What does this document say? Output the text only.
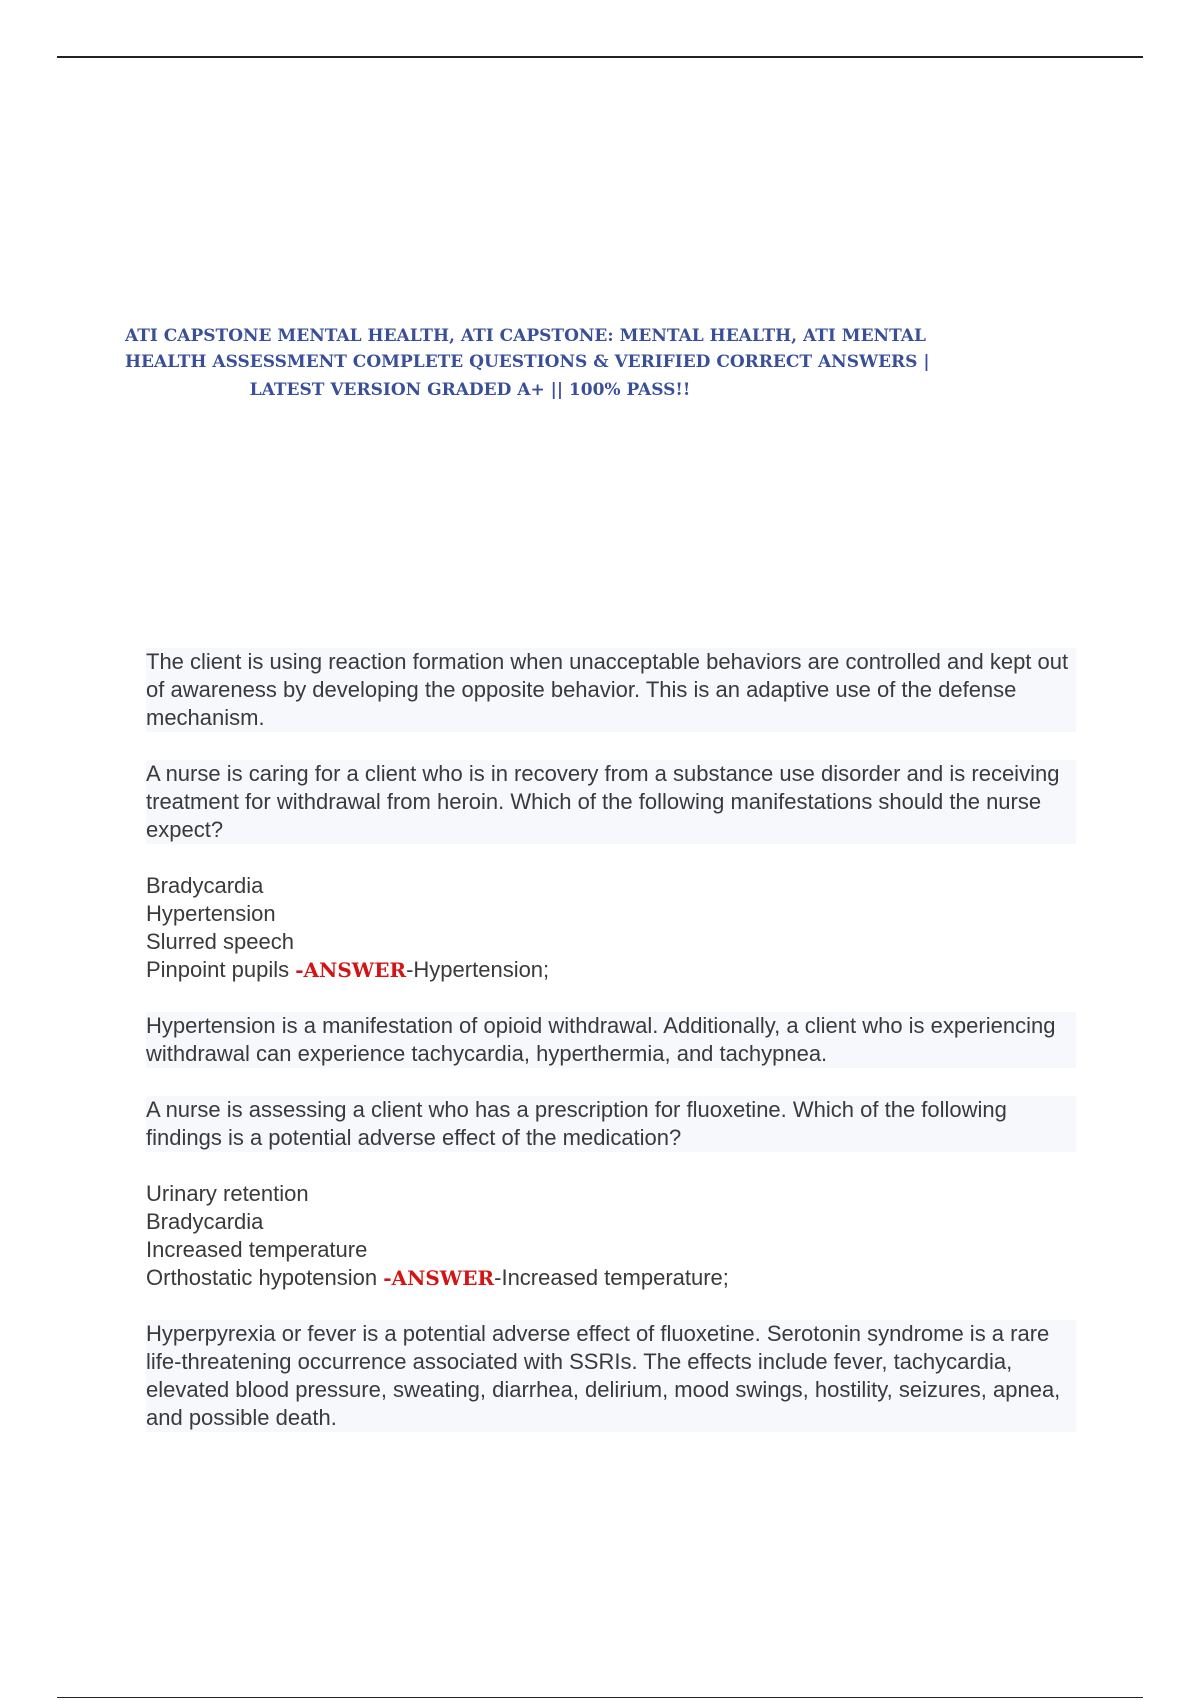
ATI CAPSTONE MENTAL HEALTH, ATI CAPSTONE: MENTAL HEALTH, ATI MENTAL
HEALTH ASSESSMENT COMPLETE QUESTIONS & VERIFIED CORRECT ANSWERS |
LATEST VERSION GRADED A+ || 100% PASS!!

The client is using reaction formation when unacceptable behaviors are controlled and kept out of awareness by developing the opposite behavior. This is an adaptive use of the defense mechanism.

A nurse is caring for a client who is in recovery from a substance use disorder and is receiving treatment for withdrawal from heroin. Which of the following manifestations should the nurse expect?

Bradycardia
Hypertension
Slurred speech
Pinpoint pupils -ANSWER-Hypertension;

Hypertension is a manifestation of opioid withdrawal. Additionally, a client who is experiencing withdrawal can experience tachycardia, hyperthermia, and tachypnea.

A nurse is assessing a client who has a prescription for fluoxetine. Which of the following findings is a potential adverse effect of the medication?

Urinary retention
Bradycardia
Increased temperature
Orthostatic hypotension -ANSWER-Increased temperature;

Hyperpyrexia or fever is a potential adverse effect of fluoxetine. Serotonin syndrome is a rare life-threatening occurrence associated with SSRIs. The effects include fever, tachycardia, elevated blood pressure, sweating, diarrhea, delirium, mood swings, hostility, seizures, apnea, and possible death.
